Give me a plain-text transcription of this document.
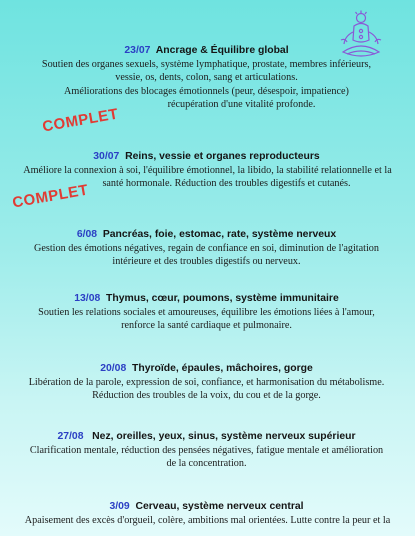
23/07 Ancrage & Équilibre global
Soutien des organes sexuels, système lymphatique, prostate, membres inférieurs,
vessie, os, dents, colon, sang et articulations.
Améliorations des blocages émotionnels (peur, désespoir, impatience)
récupération d'une vitalité profonde.
COMPLET
30/07 Reins, vessie et organes reproducteurs
Améliore la connexion à soi, l'équilibre émotionnel, la libido, la stabilité relationnelle et la
santé hormonale. Réduction des troubles digestifs et cutanés.
COMPLET
6/08 Pancréas, foie, estomac, rate, système nerveux
Gestion des émotions négatives, regain de confiance en soi, diminution de l'agitation
intérieure et des troubles digestifs ou nerveux.
13/08 Thymus, cœur, poumons, système immunitaire
Soutien les relations sociales et amoureuses, équilibre les émotions liées à l'amour,
renforce la santé cardiaque et pulmonaire.
20/08 Thyroïde, épaules, mâchoires, gorge
Libération de la parole, expression de soi, confiance, et harmonisation du métabolisme.
Réduction des troubles de la voix, du cou et de la gorge.
27/08 Nez, oreilles, yeux, sinus, système nerveux supérieur
Clarification mentale, réduction des pensées négatives, fatigue mentale et amélioration
de la concentration.
3/09 Cerveau, système nerveux central
Apaisement des excès d'orgueil, colère, ambitions mal orientées. Lutte contre la peur et la
